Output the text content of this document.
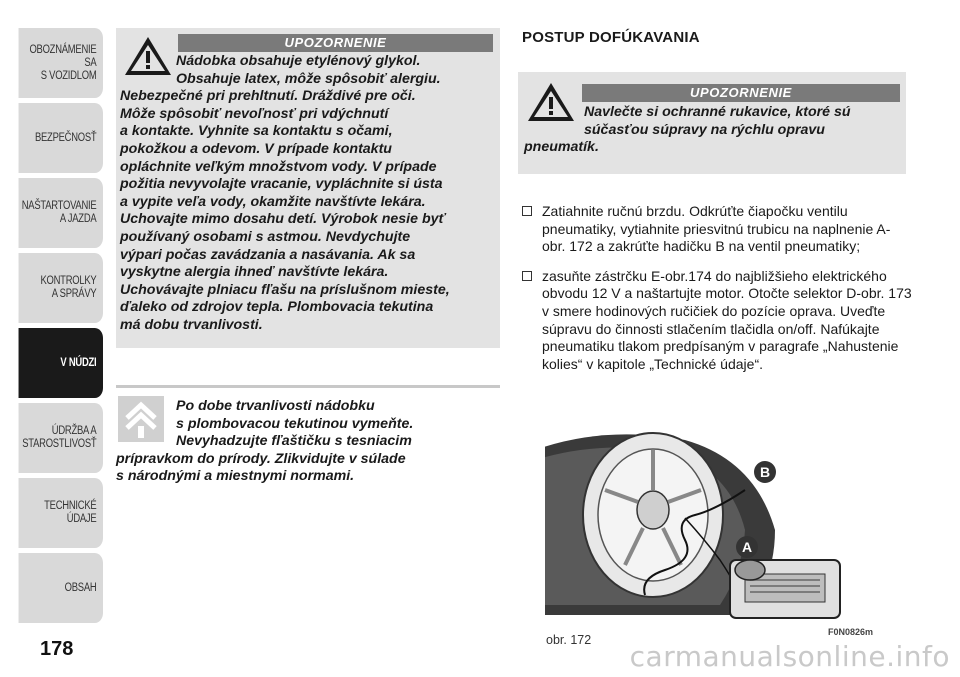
OBOZNÁMENIE SA
S VOZIDLOM
BEZPEČNOSŤ
NAŠTARTOVANIE
A JAZDA
KONTROLKY
A SPRÁVY
V NÚDZI
ÚDRŽBA A
STAROSTLIVOSŤ
TECHNICKÉ
ÚDAJE
OBSAH
178
UPOZORNENIE
Nádobka obsahuje etylénový glykol.
Obsahuje latex, môže spôsobiť alergiu.
Nebezpečné pri prehltnutí. Dráždivé pre oči.
Môže spôsobiť nevoľnosť pri vdýchnutí
a kontakte. Vyhnite sa kontaktu s očami,
pokožkou a odevom. V prípade kontaktu
opláchnite veľkým množstvom vody. V prípade
požitia nevyvolajte vracanie, vypláchnite si ústa
a vypite veľa vody, okamžite navštívte lekára.
Uchovajte mimo dosahu detí. Výrobok nesie byť
používaný osobami s astmou. Nevdychujte
výpari počas zavádzania a nasávania. Ak sa
vyskytne alergia ihneď navštívte lekára.
Uchovávajte plniacu fľašu na príslušnom mieste,
ďaleko od zdrojov tepla. Plombovacia tekutina
má dobu trvanlivosti.
Po dobe trvanlivosti nádobku
s plombovacou tekutinou vymeňte.
Nevyhadzujte fľaštičku s tesniacim
prípravkom do prírody. Zlikvidujte v súlade
s národnými a miestnymi normami.
POSTUP DOFÚKAVANIA
UPOZORNENIE
Navlečte si ochranné rukavice, ktoré sú
súčasťou súpravy na rýchlu opravu
pneumatík.
Zatiahnite ručnú brzdu. Odkrúťte čiapočku ventilu pneumatiky, vytiahnite priesvitnú trubicu na naplnenie A-obr. 172 a zakrúťte hadičku B na ventil pneumatiky;
zasuňte zástrčku E-obr.174 do najbližšieho elektrického obvodu 12 V a naštartujte motor. Otočte selektor D-obr. 173 v smere hodinových ručičiek do pozície oprava. Uveďte súpravu do činnosti stlačením tlačidla on/off. Nafúkajte pneumatiku tlakom predpísaným v paragrafe „Nahustenie kolies“ v kapitole „Technické údaje“.
B
A
obr. 172
F0N0826m
carmanualsonline.info
